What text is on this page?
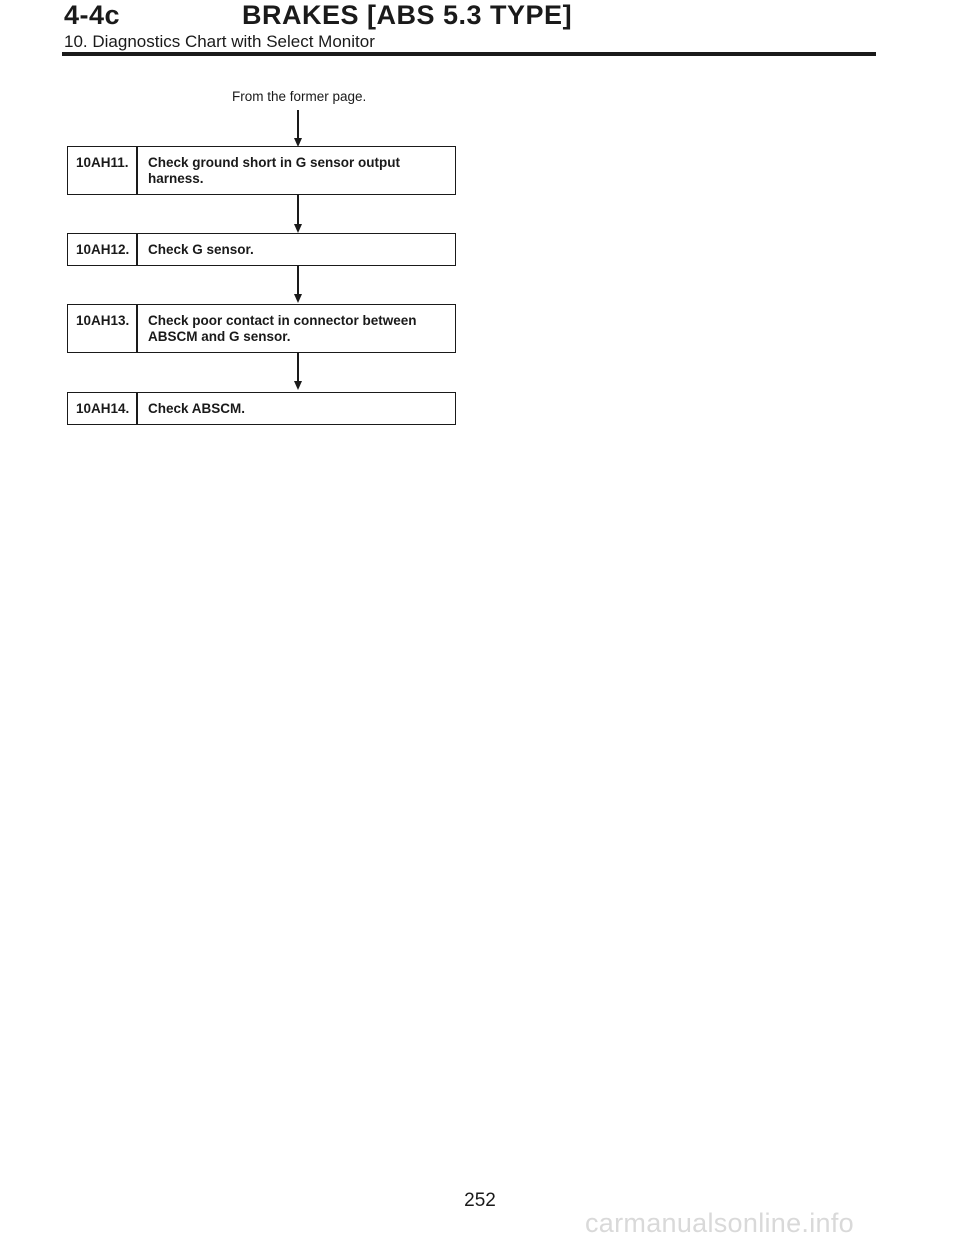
4-4c	BRAKES [ABS 5.3 TYPE]
10. Diagnostics Chart with Select Monitor
From the former page.
10AH11.	Check ground short in G sensor output harness.
10AH12.	Check G sensor.
10AH13.	Check poor contact in connector between ABSCM and G sensor.
10AH14.	Check ABSCM.
252
carmanualsonline.info
